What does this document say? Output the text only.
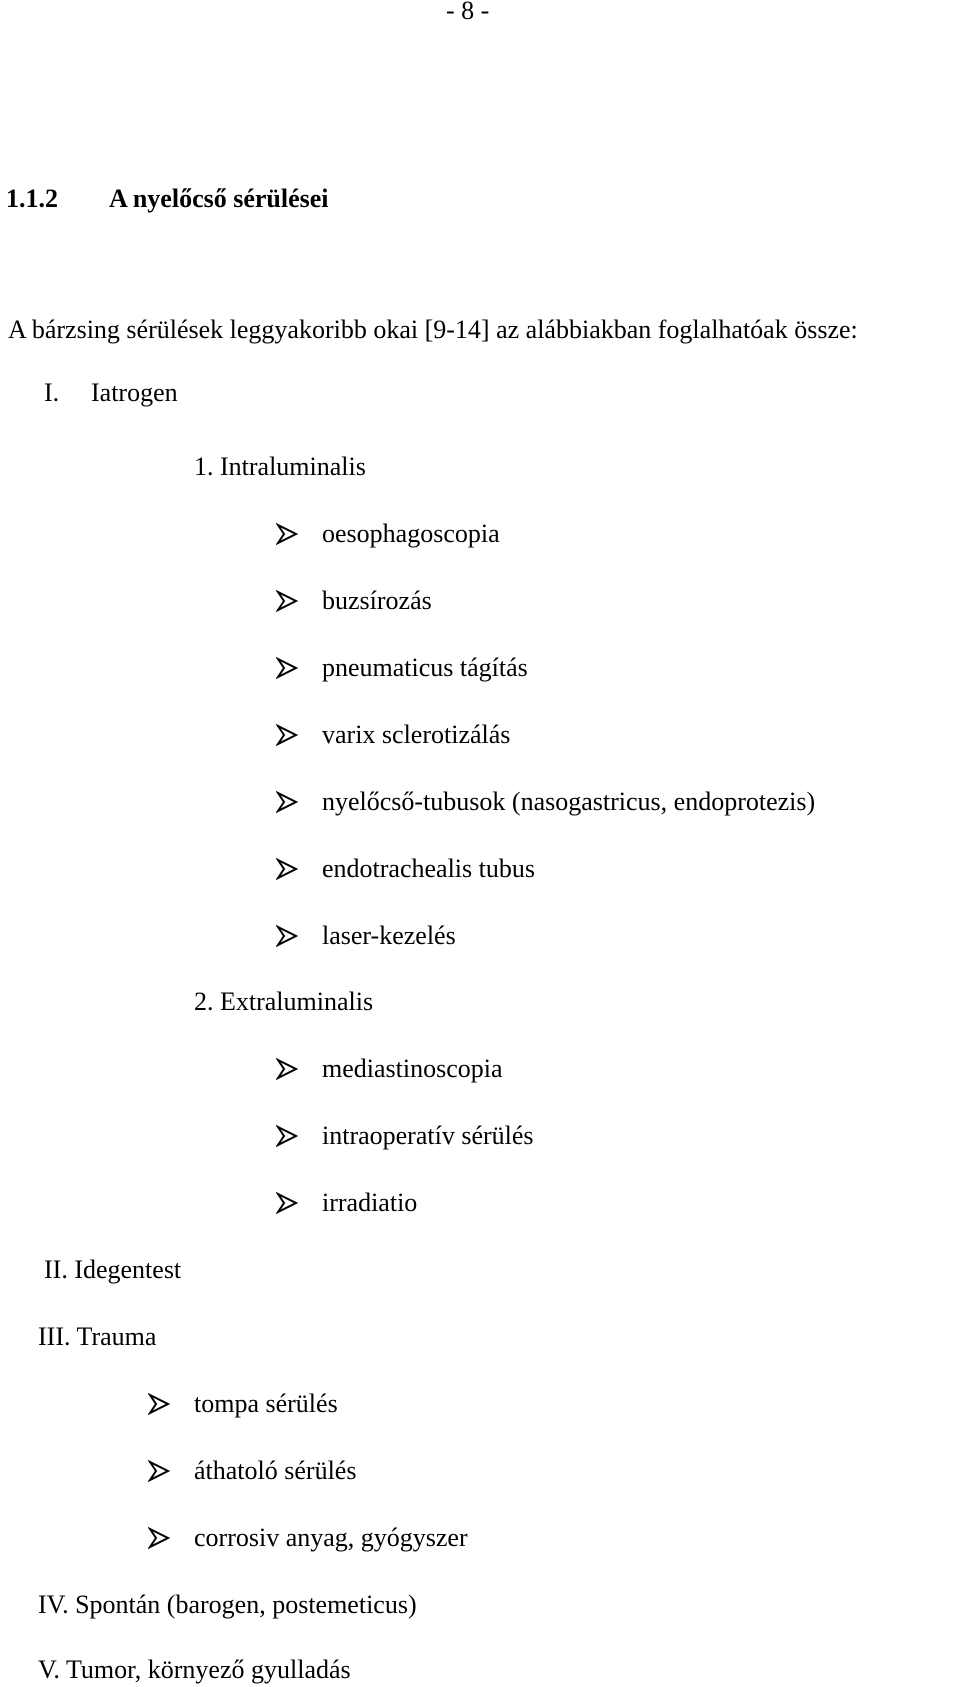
- 8 -
1.1.2 A nyelőcső sérülései
A bárzsing sérülések leggyakoribb okai [9-14] az alábbiakban foglalhatóak össze:
I. Iatrogen
1. Intraluminalis
oesophagoscopia
buzsírozás
pneumaticus tágítás
varix sclerotizálás
nyelőcső-tubusok (nasogastricus, endoprotezis)
endotrachealis tubus
laser-kezelés
2. Extraluminalis
mediastinoscopia
intraoperatív sérülés
irradiatio
II. Idegentest
III. Trauma
tompa sérülés
áthatoló sérülés
corrosiv anyag, gyógyszer
IV. Spontán (barogen, postemeticus)
V. Tumor, környező gyulladás
